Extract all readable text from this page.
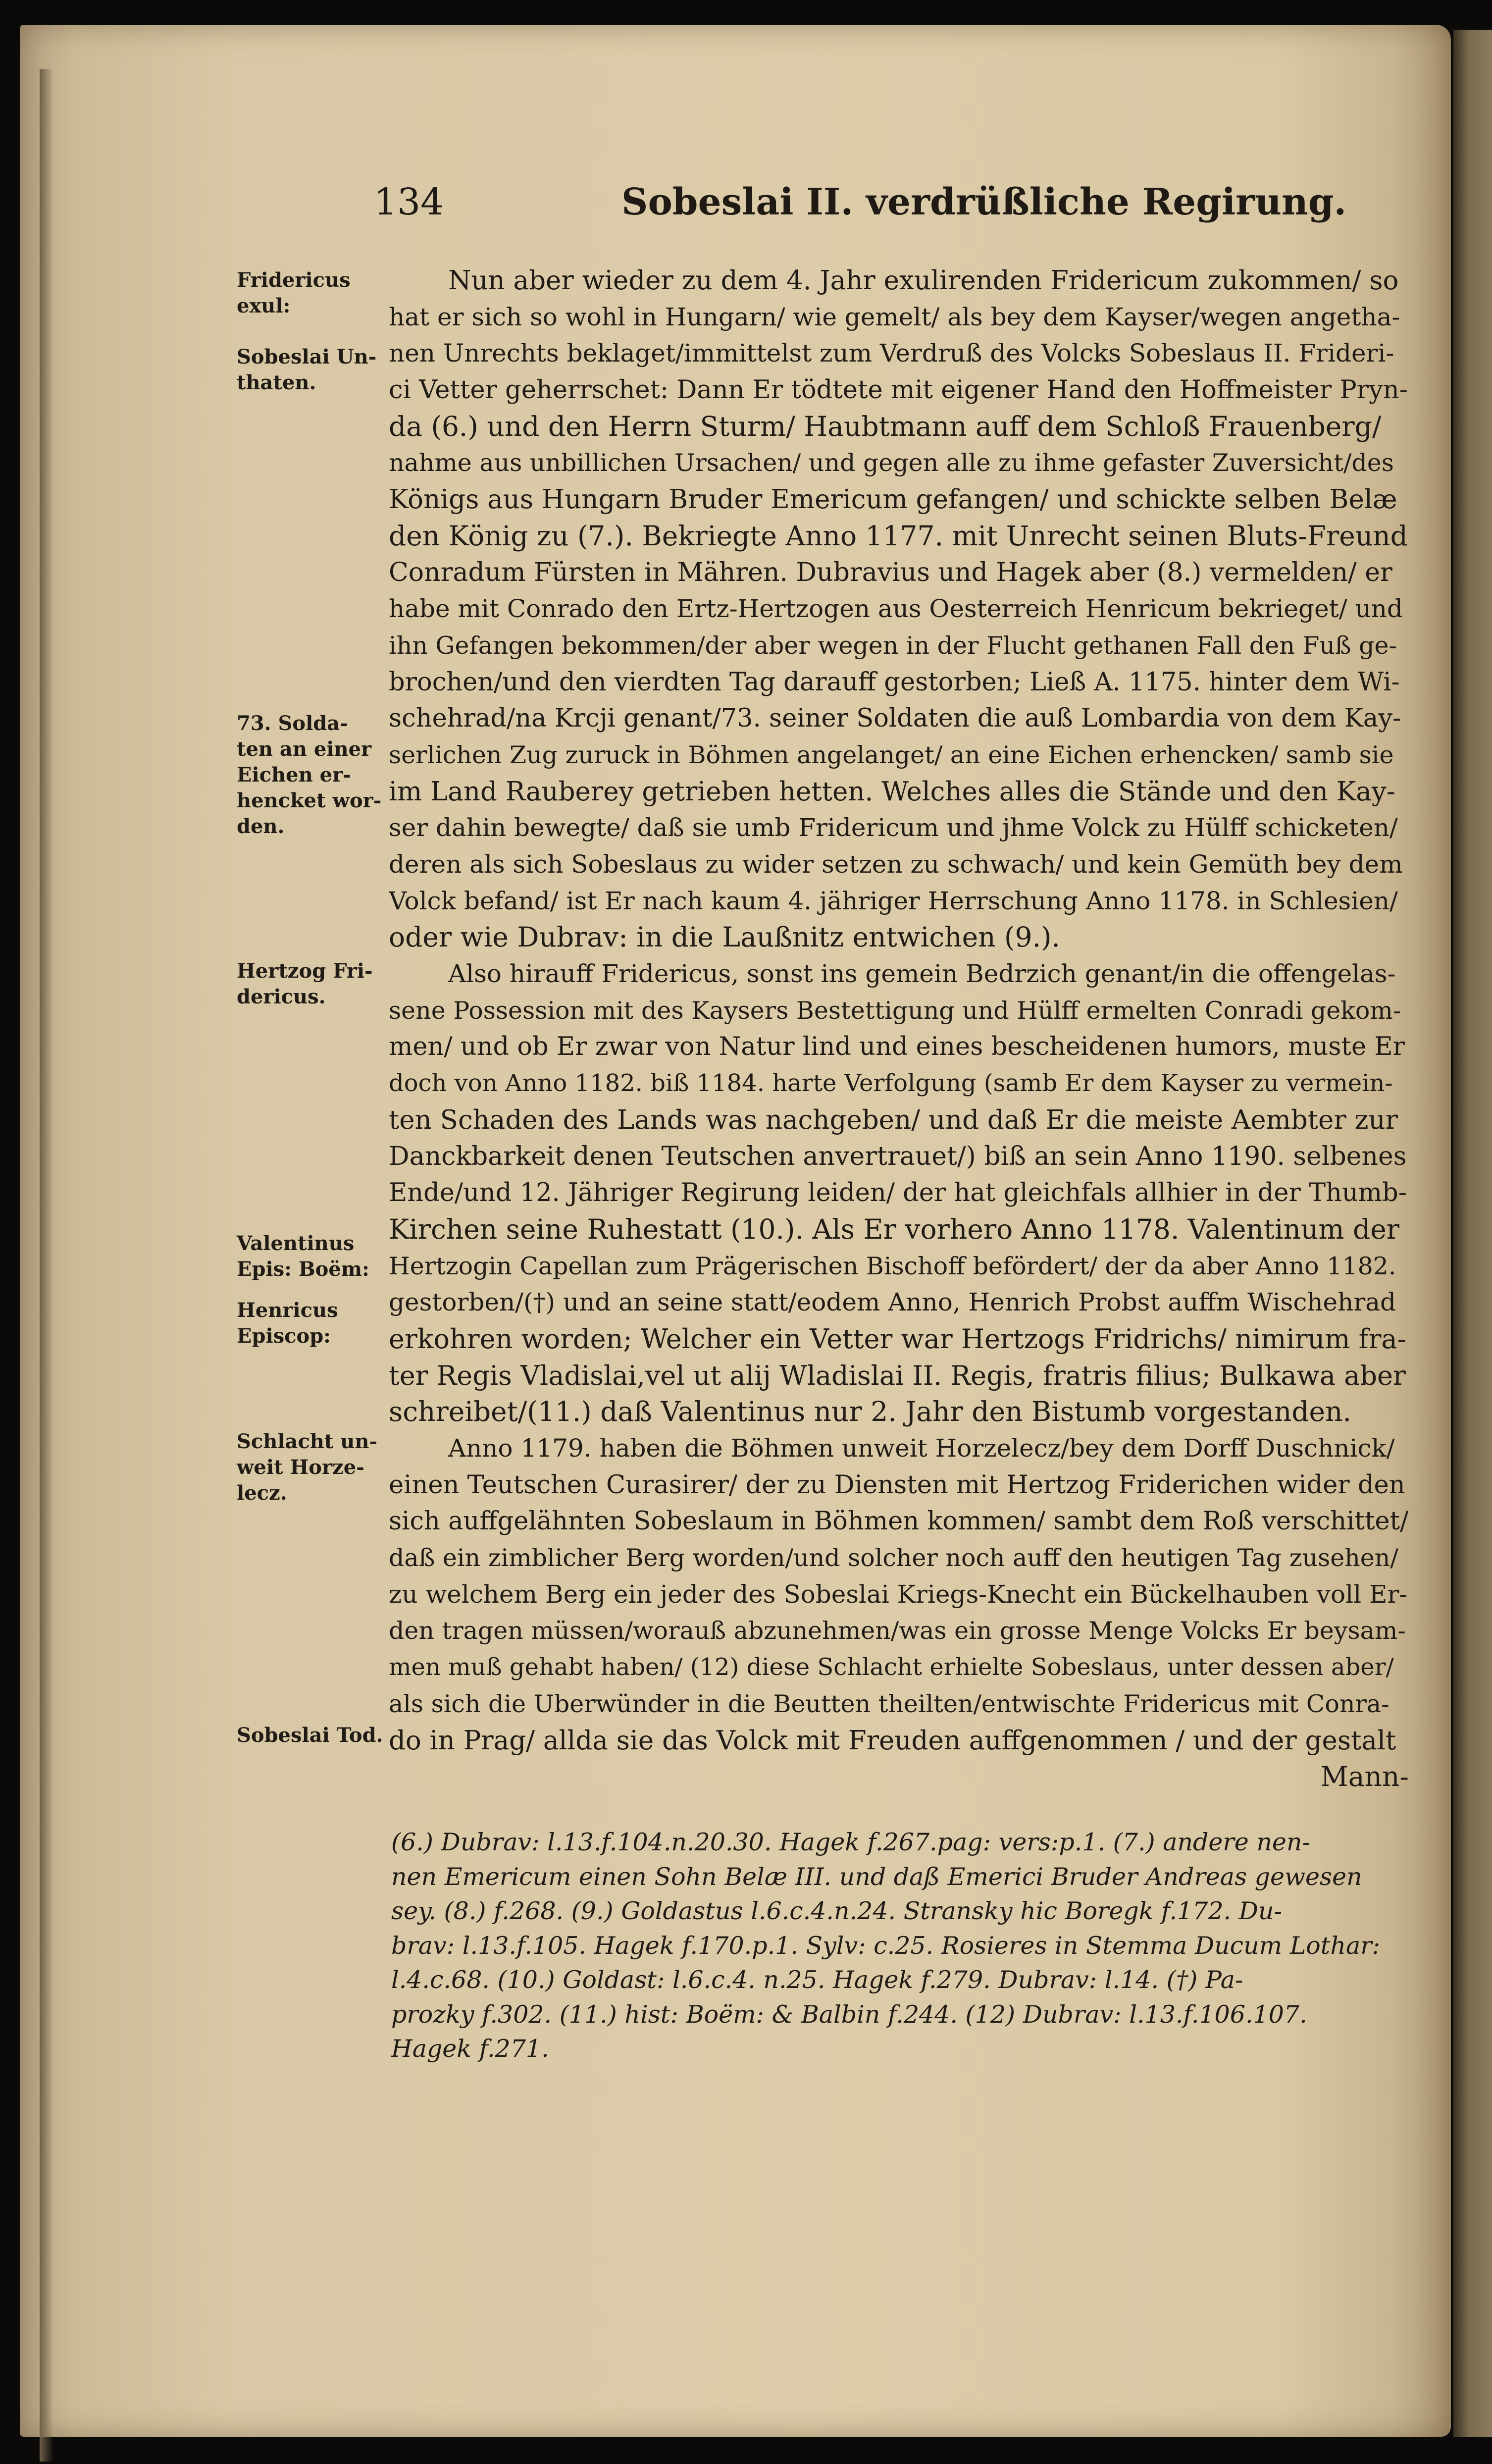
134	Sobeslai II. verdrüßliche Regirung.
Fridericus
exul:
Sobeslai Un-
thaten.
73. Solda-
ten an einer
Eichen er-
hencket wor-
den.
Hertzog Fri-
dericus.
Valentinus
Epis: Boëm:
Henricus
Episcop:
Schlacht un-
weit Horze-
lecz.
Sobeslai Tod.
Nun aber wieder zu dem 4. Jahr exulirenden Fridericum zukommen/ so
hat er sich so wohl in Hungarn/ wie gemelt/ als bey dem Kayser/wegen angetha-
nen Unrechts beklaget/immittelst zum Verdruß des Volcks Sobeslaus II. Frideri-
ci Vetter geherrschet: Dann Er tödtete mit eigener Hand den Hoffmeister Pryn-
da (6.) und den Herrn Sturm/ Haubtmann auff dem Schloß Frauenberg/
nahme aus unbillichen Ursachen/ und gegen alle zu ihme gefaster Zuversicht/des
Königs aus Hungarn Bruder Emericum gefangen/ und schickte selben Belæ
den König zu (7.). Bekriegte Anno 1177. mit Unrecht seinen Bluts-Freund
Conradum Fürsten in Mähren. Dubravius und Hagek aber (8.) vermelden/ er
habe mit Conrado den Ertz-Hertzogen aus Oesterreich Henricum bekrieget/ und
ihn Gefangen bekommen/der aber wegen in der Flucht gethanen Fall den Fuß ge-
brochen/und den vierdten Tag darauff gestorben; Ließ A. 1175. hinter dem Wi-
schehrad/na Krcji genant/73. seiner Soldaten die auß Lombardia von dem Kay-
serlichen Zug zuruck in Böhmen angelanget/ an eine Eichen erhencken/ samb sie
im Land Rauberey getrieben hetten. Welches alles die Stände und den Kay-
ser dahin bewegte/ daß sie umb Fridericum und jhme Volck zu Hülff schicketen/
deren als sich Sobeslaus zu wider setzen zu schwach/ und kein Gemüth bey dem
Volck befand/ ist Er nach kaum 4. jähriger Herrschung Anno 1178. in Schlesien/
oder wie Dubrav: in die Laußnitz entwichen (9.).
Also hirauff Fridericus, sonst ins gemein Bedrzich genant/in die offengelas-
sene Possession mit des Kaysers Bestettigung und Hülff ermelten Conradi gekom-
men/ und ob Er zwar von Natur lind und eines bescheidenen humors, muste Er
doch von Anno 1182. biß 1184. harte Verfolgung (samb Er dem Kayser zu vermein-
ten Schaden des Lands was nachgeben/ und daß Er die meiste Aembter zur
Danckbarkeit denen Teutschen anvertrauet/) biß an sein Anno 1190. selbenes
Ende/und 12. Jähriger Regirung leiden/ der hat gleichfals allhier in der Thumb-
Kirchen seine Ruhestatt (10.). Als Er vorhero Anno 1178. Valentinum der
Hertzogin Capellan zum Prägerischen Bischoff befördert/ der da aber Anno 1182.
gestorben/(†) und an seine statt/eodem Anno, Henrich Probst auffm Wischehrad
erkohren worden; Welcher ein Vetter war Hertzogs Fridrichs/ nimirum fra-
ter Regis Vladislai,vel ut alij Wladislai II. Regis, fratris filius; Bulkawa aber
schreibet/(11.) daß Valentinus nur 2. Jahr den Bistumb vorgestanden.
Anno 1179. haben die Böhmen unweit Horzelecz/bey dem Dorff Duschnick/
einen Teutschen Curasirer/ der zu Diensten mit Hertzog Friderichen wider den
sich auffgelähnten Sobeslaum in Böhmen kommen/ sambt dem Roß verschittet/
daß ein zimblicher Berg worden/und solcher noch auff den heutigen Tag zusehen/
zu welchem Berg ein jeder des Sobeslai Kriegs-Knecht ein Bückelhauben voll Er-
den tragen müssen/worauß abzunehmen/was ein grosse Menge Volcks Er beysam-
men muß gehabt haben/ (12) diese Schlacht erhielte Sobeslaus, unter dessen aber/
als sich die Uberwünder in die Beutten theilten/entwischte Fridericus mit Conra-
do in Prag/ allda sie das Volck mit Freuden auffgenommen / und der gestalt
Mann-
(6.) Dubrav: l.13.f.104.n.20.30. Hagek f.267.pag: vers:p.1. (7.) andere nen-
nen Emericum einen Sohn Belæ III. und daß Emerici Bruder Andreas gewesen
sey. (8.) f.268. (9.) Goldastus l.6.c.4.n.24. Stransky hic Boregk f.172. Du-
brav: l.13.f.105. Hagek f.170.p.1. Sylv: c.25. Rosieres in Stemma Ducum Lothar:
l.4.c.68. (10.) Goldast: l.6.c.4. n.25. Hagek f.279. Dubrav: l.14. (†) Pa-
prozky f.302. (11.) hist: Boëm: & Balbin f.244. (12) Dubrav: l.13.f.106.107.
Hagek f.271.
